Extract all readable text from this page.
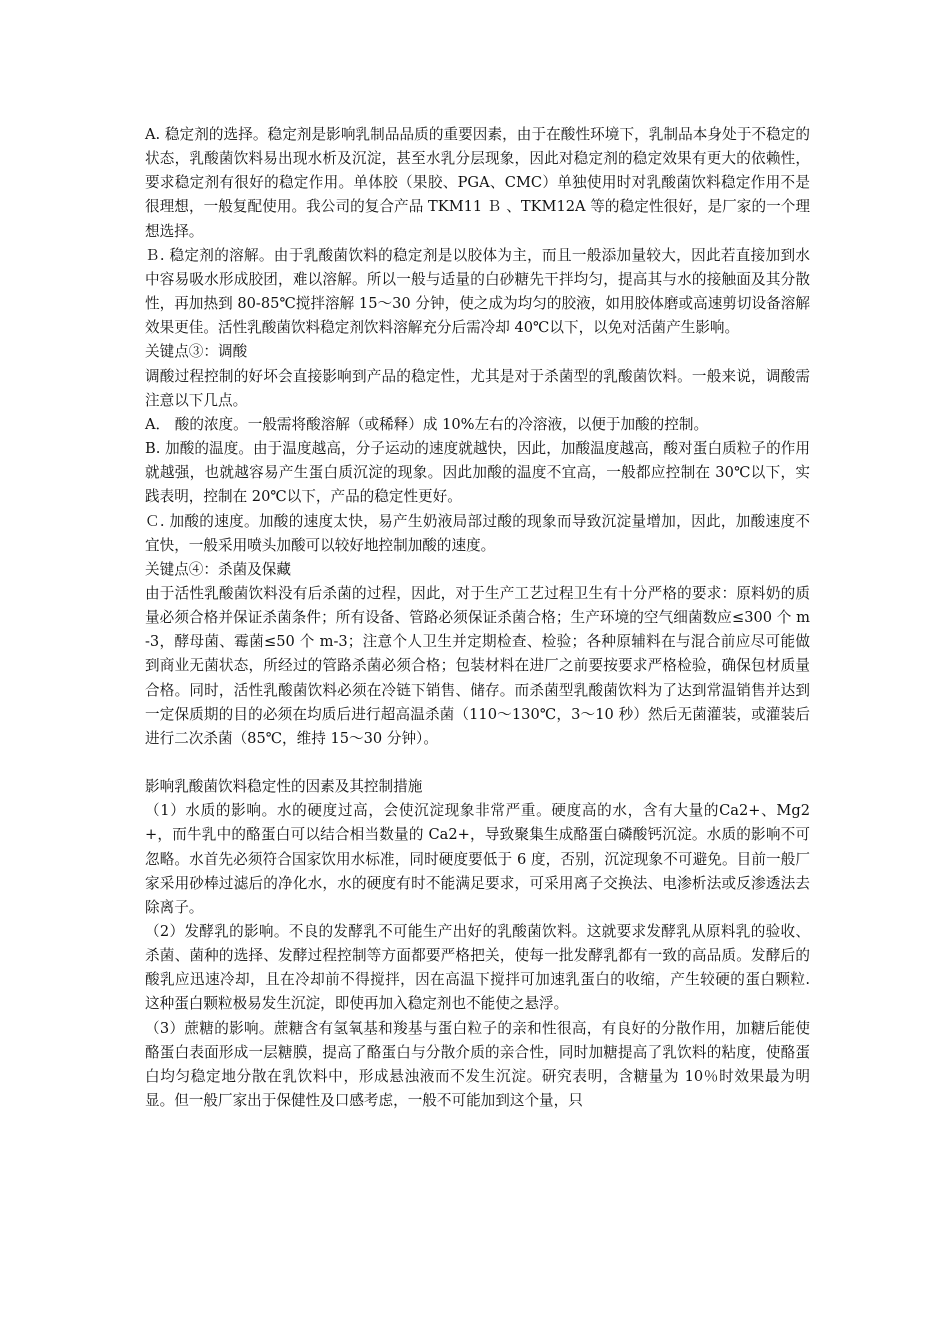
A. 稳定剂的选择。稳定剂是影响乳制品品质的重要因素，由于在酸性环境下，乳制品本身处于不稳定的状态，乳酸菌饮料易出现水析及沉淀，甚至水乳分层现象，因此对稳定剂的稳定效果有更大的依赖性，要求稳定剂有很好的稳定作用。单体胶（果胶、PGA、CMC）单独使用时对乳酸菌饮料稳定作用不是很理想，一般复配使用。我公司的复合产品 TKM11 Ｂ 、TKM12A 等的稳定性很好，是厂家的一个理想选择。

Ｂ. 稳定剂的溶解。由于乳酸菌饮料的稳定剂是以胶体为主，而且一般添加量较大，因此若直接加到水中容易吸水形成胶团，难以溶解。所以一般与适量的白砂糖先干拌均匀，提高其与水的接触面及其分散性，再加热到 80-85℃搅拌溶解 15～30 分钟，使之成为均匀的胶液，如用胶体磨或高速剪切设备溶解效果更佳。活性乳酸菌饮料稳定剂饮料溶解充分后需冷却 40℃以下，以免对活菌产生影响。

关键点③：调酸

调酸过程控制的好坏会直接影响到产品的稳定性，尤其是对于杀菌型的乳酸菌饮料。一般来说，调酸需注意以下几点。

A． 酸的浓度。一般需将酸溶解（或稀释）成 10%左右的冷溶液，以便于加酸的控制。

B. 加酸的温度。由于温度越高，分子运动的速度就越快，因此，加酸温度越高，酸对蛋白质粒子的作用就越强，也就越容易产生蛋白质沉淀的现象。因此加酸的温度不宜高，一般都应控制在 30℃以下，实践表明，控制在 20℃以下，产品的稳定性更好。

Ｃ. 加酸的速度。加酸的速度太快，易产生奶液局部过酸的现象而导致沉淀量增加，因此，加酸速度不宜快，一般采用喷头加酸可以较好地控制加酸的速度。

关键点④：杀菌及保藏

由于活性乳酸菌饮料没有后杀菌的过程，因此，对于生产工艺过程卫生有十分严格的要求：原料奶的质量必须合格并保证杀菌条件；所有设备、管路必须保证杀菌合格；生产环境的空气细菌数应≤300 个 m-3，酵母菌、霉菌≤50 个 m-3；注意个人卫生并定期检查、检验；各种原辅料在与混合前应尽可能做到商业无菌状态，所经过的管路杀菌必须合格；包装材料在进厂之前要按要求严格检验，确保包材质量合格。同时，活性乳酸菌饮料必须在冷链下销售、储存。而杀菌型乳酸菌饮料为了达到常温销售并达到一定保质期的目的必须在均质后进行超高温杀菌（110～130℃，3～10 秒）然后无菌灌装，或灌装后进行二次杀菌（85℃，维持 15～30 分钟）。

影响乳酸菌饮料稳定性的因素及其控制措施

（1）水质的影响。水的硬度过高，会使沉淀现象非常严重。硬度高的水，含有大量的Ca2+、Mg2+，而牛乳中的酪蛋白可以结合相当数量的 Ca2+，导致聚集生成酪蛋白磷酸钙沉淀。水质的影响不可忽略。水首先必须符合国家饮用水标准，同时硬度要低于 6 度，否别，沉淀现象不可避免。目前一般厂家采用砂棒过滤后的净化水，水的硬度有时不能满足要求，可采用离子交换法、电渗析法或反渗透法去除离子。

（2）发酵乳的影响。不良的发酵乳不可能生产出好的乳酸菌饮料。这就要求发酵乳从原料乳的验收、杀菌、菌种的选择、发酵过程控制等方面都要严格把关，使每一批发酵乳都有一致的高品质。发酵后的酸乳应迅速冷却，且在冷却前不得搅拌，因在高温下搅拌可加速乳蛋白的收缩，产生较硬的蛋白颗粒. 这种蛋白颗粒极易发生沉淀，即使再加入稳定剂也不能使之悬浮。

（3）蔗糖的影响。蔗糖含有氢氧基和羧基与蛋白粒子的亲和性很高，有良好的分散作用，加糖后能使酪蛋白表面形成一层糖膜，提高了酪蛋白与分散介质的亲合性，同时加糖提高了乳饮料的粘度，使酪蛋白均匀稳定地分散在乳饮料中，形成悬浊液而不发生沉淀。研究表明，含糖量为 10％时效果最为明显。但一般厂家出于保健性及口感考虑，一般不可能加到这个量，只
